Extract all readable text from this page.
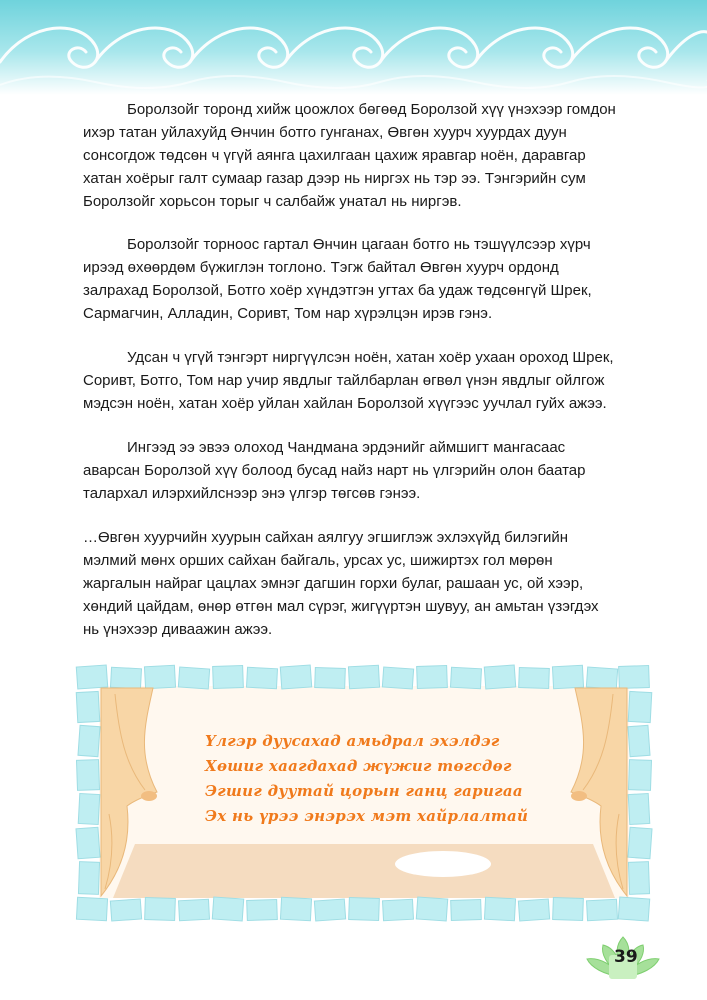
Боролзойг торонд хийж цоожлох бөгөөд Боролзой хүү үнэхээр гомдон
ихэр татан уйлахуйд Өнчин ботго гунганах, Өвгөн хуурч хуурдах дуун
сонсогдож төдсөн ч үгүй аянга цахилгаан цахиж яравгар ноён, даравгар
хатан хоёрыг галт сумаар газар дээр нь ниргэх нь тэр ээ. Тэнгэрийн сум
Боролзойг хорьсон торыг ч салбайж унатал нь ниргэв.
Боролзойг торноос гартал Өнчин цагаан ботго нь тэшүүлсээр хүрч
ирээд өхөөрдөм бүжиглэн тоглоно. Тэгж байтал Өвгөн хуурч ордонд
залрахад Боролзой, Ботго хоёр хүндэтгэн угтах ба удаж төдсөнгүй Шрек,
Сармагчин, Алладин, Соривт, Том нар хүрэлцэн ирэв гэнэ.
Удсан ч үгүй тэнгэрт ниргүүлсэн ноён, хатан хоёр ухаан ороход Шрек,
Соривт, Ботго, Том нар учир явдлыг тайлбарлан өгвөл үнэн явдлыг ойлгож
мэдсэн ноён, хатан хоёр уйлан хайлан Боролзой хүүгээс уучлал гуйх ажээ.
Ингээд ээ эвээ олоход Чандмана эрдэнийг аймшигт мангасаас
аварсан Боролзой хүү болоод бусад найз нарт нь үлгэрийн олон баатар
талархал илэрхийлснээр энэ үлгэр төгсөв гэнээ.
…Өвгөн хуурчийн хуурын сайхан аялгуу эгшиглэж эхлэхүйд билэгийн
мэлмий мөнх орших сайхан байгаль, урсах ус, шижиртэх гол мөрөн
жаргалын найраг цацлах эмнэг дагшин горхи булаг, рашаан ус, ой хээр,
хөндий цайдам, өнөр өтгөн мал сүрэг, жигүүртэн шувуу, ан амьтан үзэгдэх
нь үнэхээр диваажин ажээ.
Үлгэр дуусахад амьдрал эхэлдэг
Хөшиг хаагдахад жүжиг төгсдөг
Эгшиг дуутай цорын ганц гаригаа
Эх нь үрээ энэрэх мэт хайрлалтай
39
